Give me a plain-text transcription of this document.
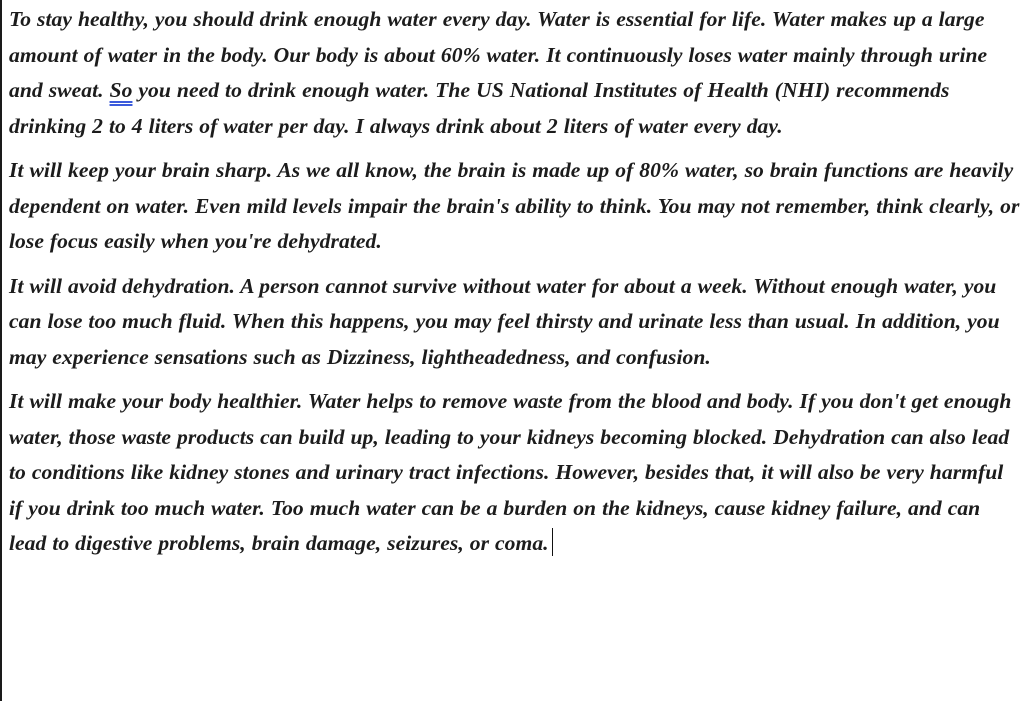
To stay healthy, you should drink enough water every day. Water is essential for life. Water makes up a large amount of water in the body. Our body is about 60% water. It continuously loses water mainly through urine and sweat. So you need to drink enough water. The US National Institutes of Health (NHI) recommends drinking 2 to 4 liters of water per day. I always drink about 2 liters of water every day.

It will keep your brain sharp. As we all know, the brain is made up of 80% water, so brain functions are heavily dependent on water. Even mild levels impair the brain's ability to think. You may not remember, think clearly, or lose focus easily when you're dehydrated.

It will avoid dehydration. A person cannot survive without water for about a week. Without enough water, you can lose too much fluid. When this happens, you may feel thirsty and urinate less than usual. In addition, you may experience sensations such as Dizziness, lightheadedness, and confusion.

It will make your body healthier. Water helps to remove waste from the blood and body. If you don't get enough water, those waste products can build up, leading to your kidneys becoming blocked. Dehydration can also lead to conditions like kidney stones and urinary tract infections. However, besides that, it will also be very harmful if you drink too much water. Too much water can be a burden on the kidneys, cause kidney failure, and can lead to digestive problems, brain damage, seizures, or coma.
